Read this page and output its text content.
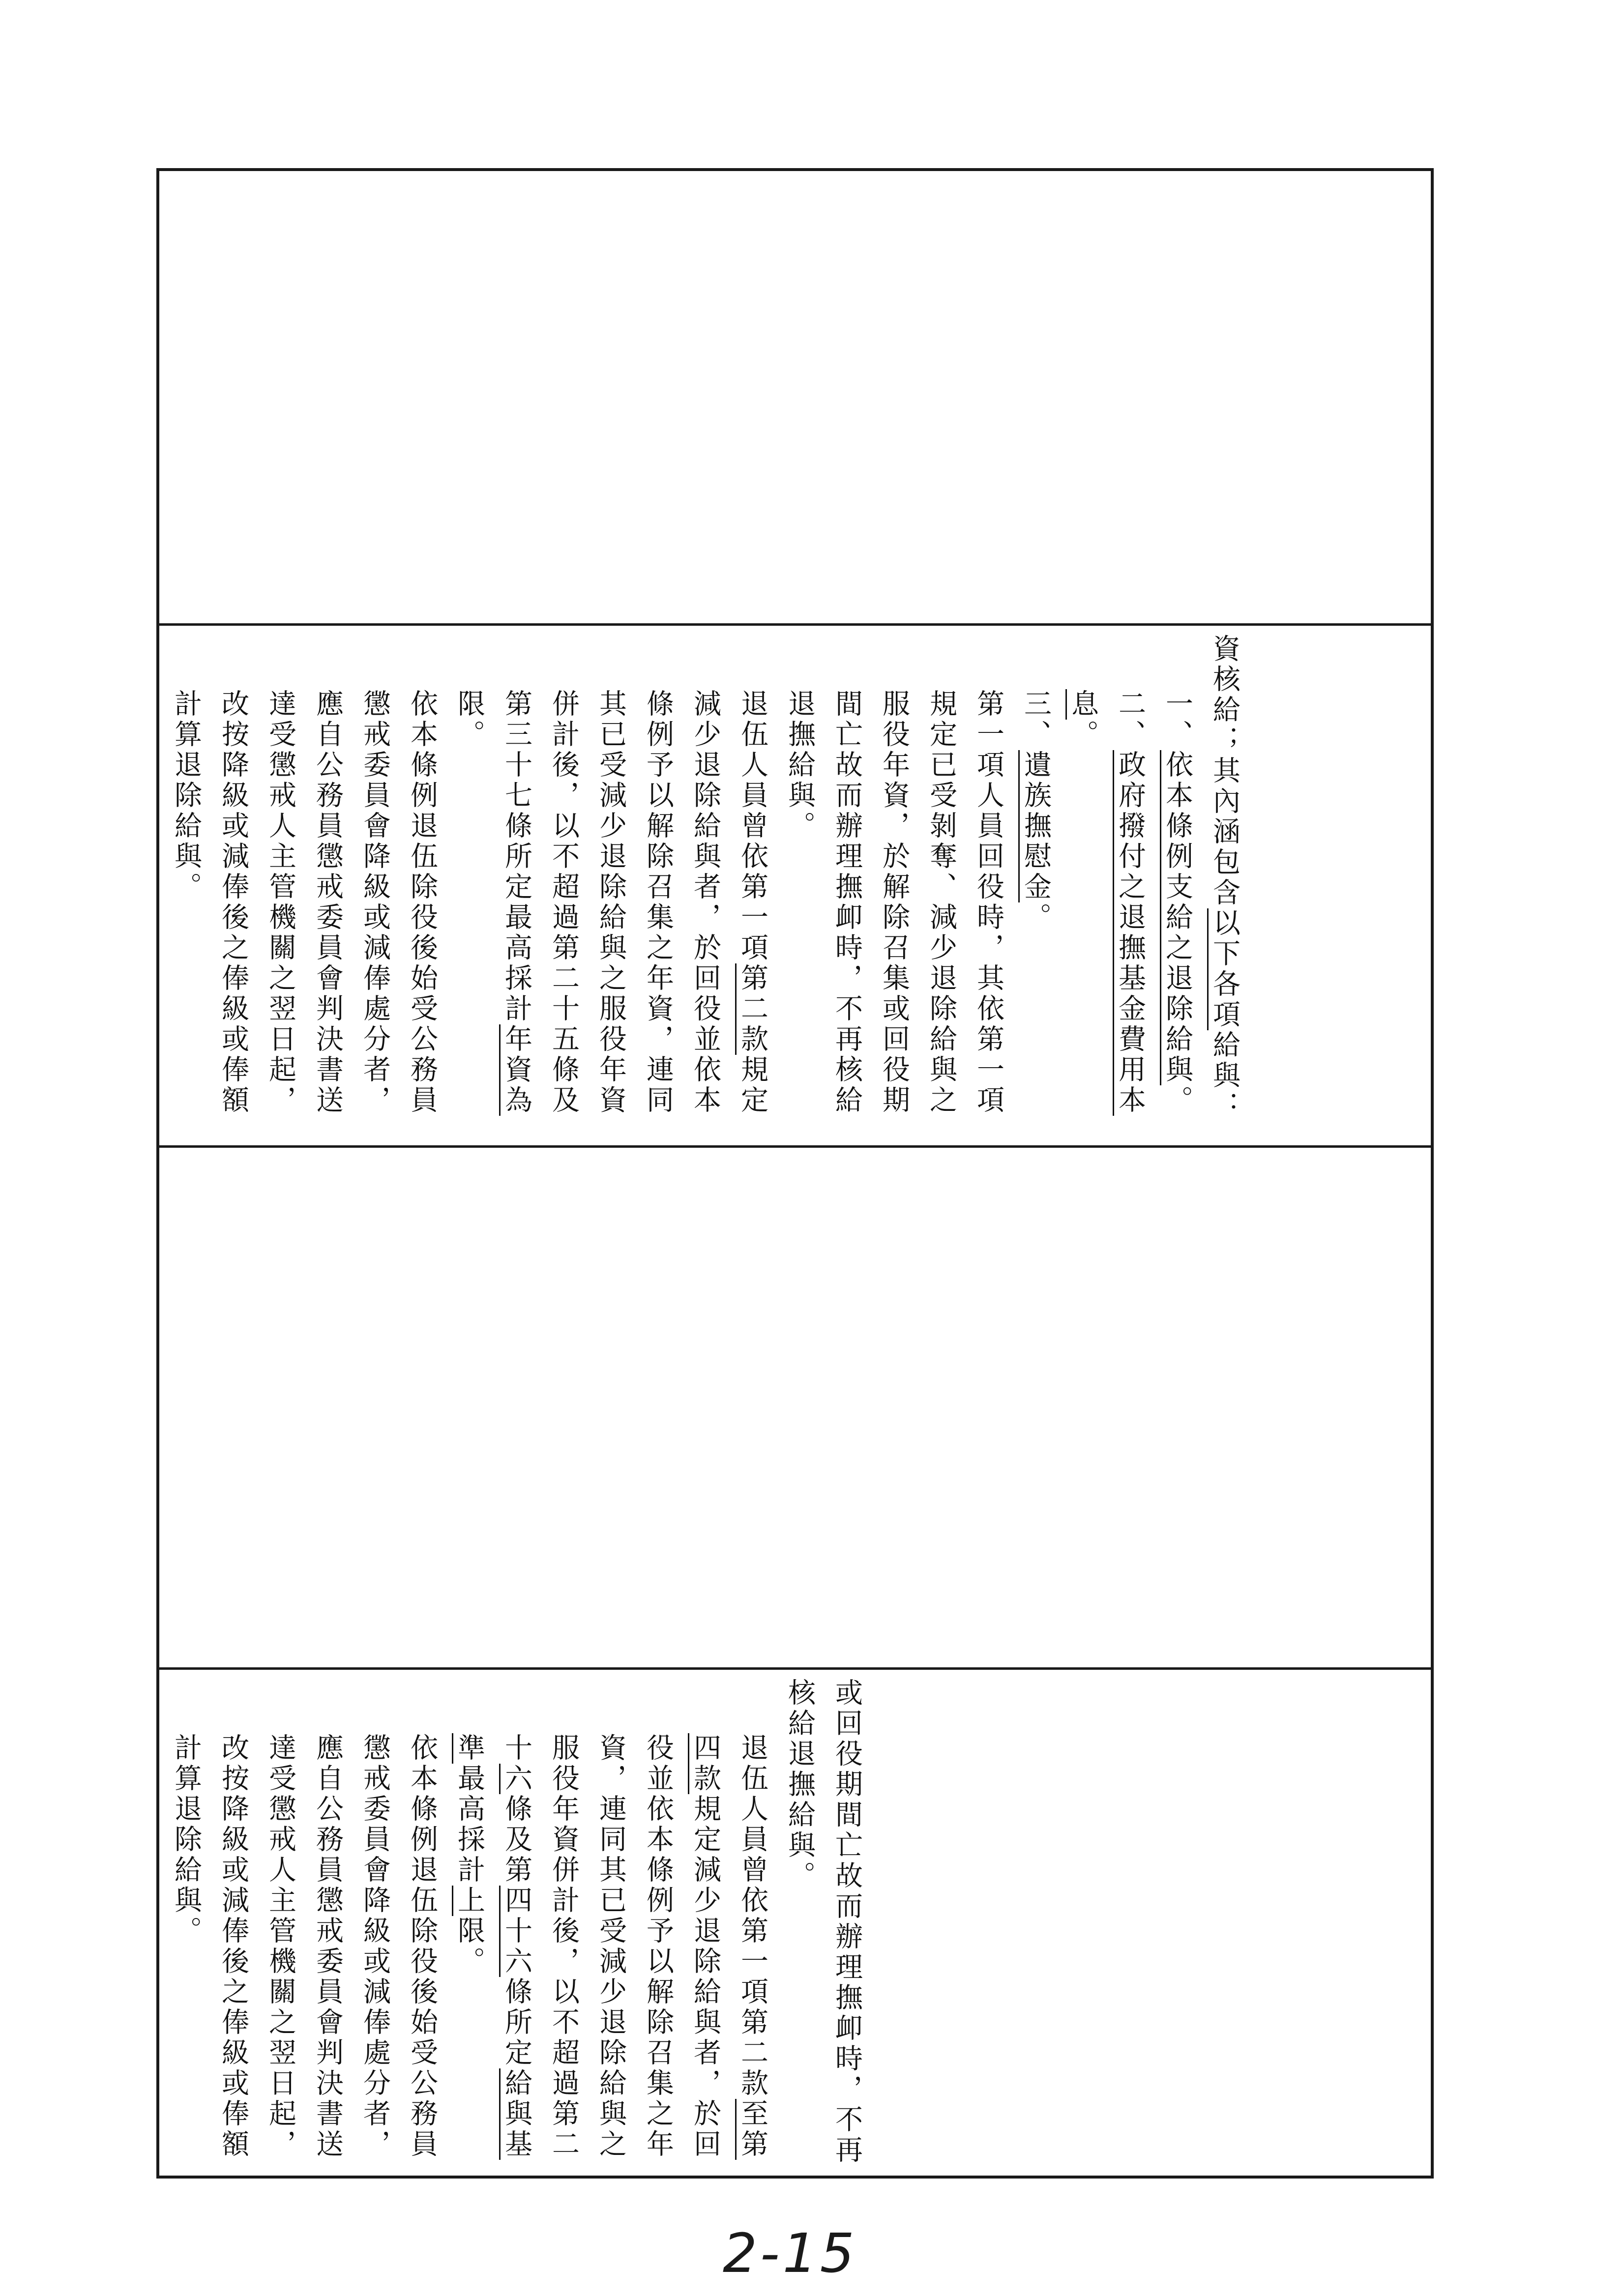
資核給；其內涵包含以下各項給與：

一、依本條例支給之退除給與。

二、政府撥付之退撫基金費用本息。

三、遺族撫慰金。

第一項人員回役時，其依第一項規定已受剝奪、減少退除給與之服役年資，於解除召集或回役期間亡故而辦理撫卹時，不再核給退撫給與。

退伍人員曾依第一項第二款規定減少退除給與者，於回役並依本條例予以解除召集之年資，連同其已受減少退除給與之服役年資併計後，以不超過第二十五條及第三十七條所定最高採計年資為限。

依本條例退伍除役後始受公務員懲戒委員會降級或減俸處分者，應自公務員懲戒委員會判決書送達受懲戒人主管機關之翌日起，改按降級或減俸後之俸級或俸額計算退除給與。

或回役期間亡故而辦理撫卹時，不再核給退撫給與。

退伍人員曾依第一項第二款至第四款規定減少退除給與者，於回役並依本條例予以解除召集之年資，連同其已受減少退除給與之服役年資併計後，以不超過第二十六條及第四十六條所定給與基準最高採計上限。

依本條例退伍除役後始受公務員懲戒委員會降級或減俸處分者，應自公務員懲戒委員會判決書送達受懲戒人主管機關之翌日起，改按降級或減俸後之俸級或俸額計算退除給與。

2-15
